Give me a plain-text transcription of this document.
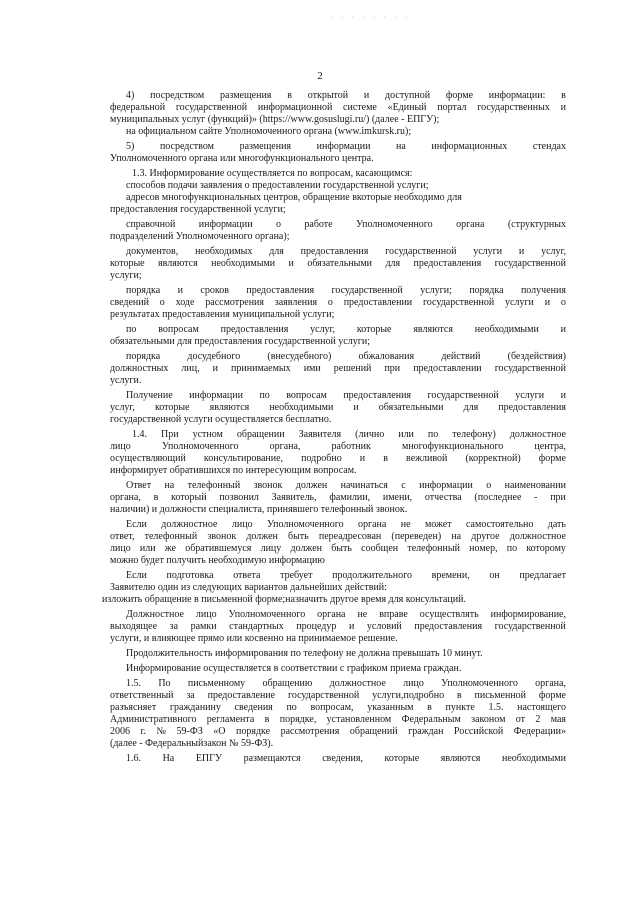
· · · · · · · ·
2
4) посредством размещения в открытой и доступной форме информации: в
федеральной государственной информационной системе «Единый портал государственных и
муниципальных услуг (функций)» (https://www.gosuslugi.ru/) (далее - ЕПГУ);
на официальном сайте Уполномоченного органа (www.imkursk.ru);
5)	посредством	размещения	информации	на	информационных	стендах
Уполномоченного органа или многофункционального центра.
1.3. Информирование осуществляется по вопросам, касающимся:
способов подачи заявления о предоставлении государственной услуги;
адресов многофункциональных центров, обращение вкоторые необходимо для
предоставления государственной услуги;
справочной информации о работе Уполномоченного органа (структурных
подразделений Уполномоченного органа);
документов, необходимых для предоставления государственной услуги и услуг,
которые являются необходимыми и обязательными для предоставления государственной
услуги;
порядка и сроков предоставления государственной услуги; порядка получения
сведений о ходе рассмотрения заявления о предоставлении государственной услуги и о
результатах предоставления муниципальной услуги;
по вопросам предоставления услуг, которые являются необходимыми и
обязательными для предоставления государственной услуги;
порядка	досудебного	(внесудебного)	обжалования	действий	(бездействия)
должностных лиц, и принимаемых ими решений при предоставлении государственной
услуги.
Получение информации по вопросам предоставления государственной услуги и
услуг, которые являются необходимыми и обязательными для предоставления
государственной услуги осуществляется бесплатно.
1.4. При устном обращении Заявителя (лично или по телефону) должностное
лицо	Уполномоченного	органа,	работник	многофункционального	центра,
осуществляющий консультирование, подробно и в вежливой (корректной) форме
информирует обратившихся по интересующим вопросам.
Ответ на телефонный звонок должен начинаться с информации о наименовании
органа, в который позвонил Заявитель, фамилии, имени, отчества (последнее - при
наличии) и должности специалиста, принявшего телефонный звонок.
Если должностное лицо Уполномоченного органа не может самостоятельно дать
ответ, телефонный звонок должен быть переадресован (переведен) на другое должностное
лицо или же обратившемуся лицу должен быть сообщен телефонный номер, по которому
можно будет получить необходимую информацию
Если подготовка ответа требует продолжительного времени, он предлагает
Заявителю один из следующих вариантов дальнейших действий:
изложить обращение в письменной форме;назначить другое время для консультаций.
Должностное лицо Уполномоченного органа не вправе осуществлять информирование,
выходящее за рамки стандартных процедур и условий предоставления государственной
услуги, и влияющее прямо или косвенно на принимаемое решение.
Продолжительность информирования по телефону не должна превышать 10 минут.
Информирование осуществляется в соответствии с графиком приема граждан.
1.5. По письменному обращению должностное лицо Уполномоченного органа,
ответственный за предоставление государственной услуги,подробно в письменной форме
разъясняет гражданину сведения по вопросам, указанным в пункте 1.5. настоящего
Административного регламента в порядке, установленном Федеральным законом от 2 мая
2006 г. № 59-ФЗ «О порядке рассмотрения обращений граждан Российской Федерации»
(далее - Федеральныйзакон № 59-ФЗ).
1.6. На ЕПГУ размещаются сведения, которые являются необходимыми
